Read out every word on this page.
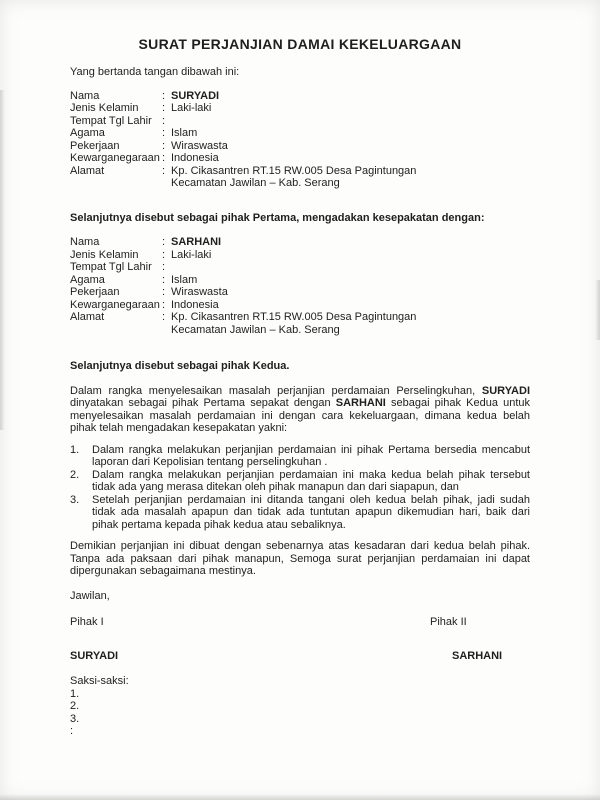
SURAT PERJANJIAN DAMAI KEKELUARGAAN
Yang bertanda tangan dibawah ini:
Nama	: SURYADI
Jenis Kelamin	: Laki-laki
Tempat Tgl Lahir :
Agama	: Islam
Pekerjaan	: Wiraswasta
Kewarganegaraan : Indonesia
Alamat	: Kp. Cikasantren RT.15 RW.005 Desa Pagintungan
Kecamatan Jawilan – Kab. Serang
Selanjutnya disebut sebagai pihak Pertama, mengadakan kesepakatan dengan:
Nama	: SARHANI
Jenis Kelamin	: Laki-laki
Tempat Tgl Lahir :
Agama	: Islam
Pekerjaan	: Wiraswasta
Kewarganegaraan : Indonesia
Alamat	: Kp. Cikasantren RT.15 RW.005 Desa Pagintungan
Kecamatan Jawilan – Kab. Serang
Selanjutnya disebut sebagai pihak Kedua.
Dalam rangka menyelesaikan masalah perjanjian perdamaian Perselingkuhan, SURYADI dinyatakan sebagai pihak Pertama sepakat dengan SARHANI sebagai pihak Kedua untuk menyelesaikan masalah perdamaian ini dengan cara kekeluargaan, dimana kedua belah pihak telah mengadakan kesepakatan yakni:
1.	Dalam rangka melakukan perjanjian perdamaian ini pihak Pertama bersedia mencabut laporan dari Kepolisian tentang perselingkuhan .
2.	Dalam rangka melakukan perjanjian perdamaian ini maka kedua belah pihak tersebut tidak ada yang merasa ditekan oleh pihak manapun dan dari siapapun, dan
3.	Setelah perjanjian perdamaian ini ditanda tangani oleh kedua belah pihak, jadi sudah tidak ada masalah apapun dan tidak ada tuntutan apapun dikemudian hari, baik dari pihak pertama kepada pihak kedua atau sebaliknya.
Demikian perjanjian ini dibuat dengan sebenarnya atas kesadaran dari kedua belah pihak. Tanpa ada paksaan dari pihak manapun, Semoga surat perjanjian perdamaian ini dapat dipergunakan sebagaimana mestinya.
Jawilan,
Pihak I	Pihak II
SURYADI	SARHANI
Saksi-saksi:
1.
2.
3.
:
